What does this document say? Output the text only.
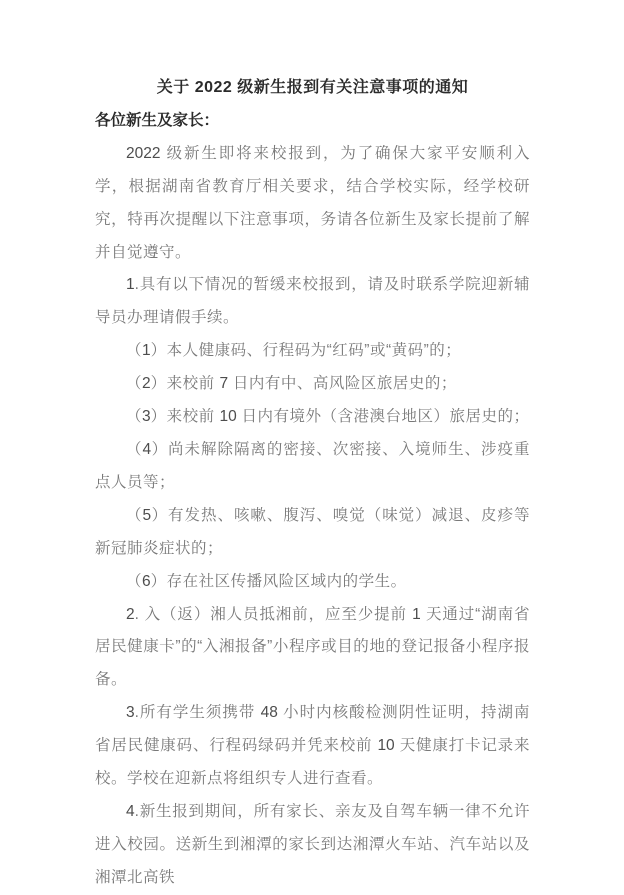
关于 2022 级新生报到有关注意事项的通知

各位新生及家长：

2022 级新生即将来校报到，为了确保大家平安顺利入学，根据湖南省教育厅相关要求，结合学校实际，经学校研究，特再次提醒以下注意事项，务请各位新生及家长提前了解并自觉遵守。

1.具有以下情况的暂缓来校报到，请及时联系学院迎新辅导员办理请假手续。

（1）本人健康码、行程码为“红码”或“黄码”的；

（2）来校前 7 日内有中、高风险区旅居史的；

（3）来校前 10 日内有境外（含港澳台地区）旅居史的；

（4）尚未解除隔离的密接、次密接、入境师生、涉疫重点人员等；

（5）有发热、咳嗽、腹泻、嗅觉（味觉）减退、皮疹等新冠肺炎症状的；

（6）存在社区传播风险区域内的学生。

2. 入（返）湘人员抵湘前，应至少提前 1 天通过“湖南省居民健康卡”的“入湘报备”小程序或目的地的登记报备小程序报备。

3.所有学生须携带 48 小时内核酸检测阴性证明，持湖南省居民健康码、行程码绿码并凭来校前 10 天健康打卡记录来校。学校在迎新点将组织专人进行查看。

4.新生报到期间，所有家长、亲友及自驾车辆一律不允许进入校园。送新生到湘潭的家长到达湘潭火车站、汽车站以及湘潭北高铁
